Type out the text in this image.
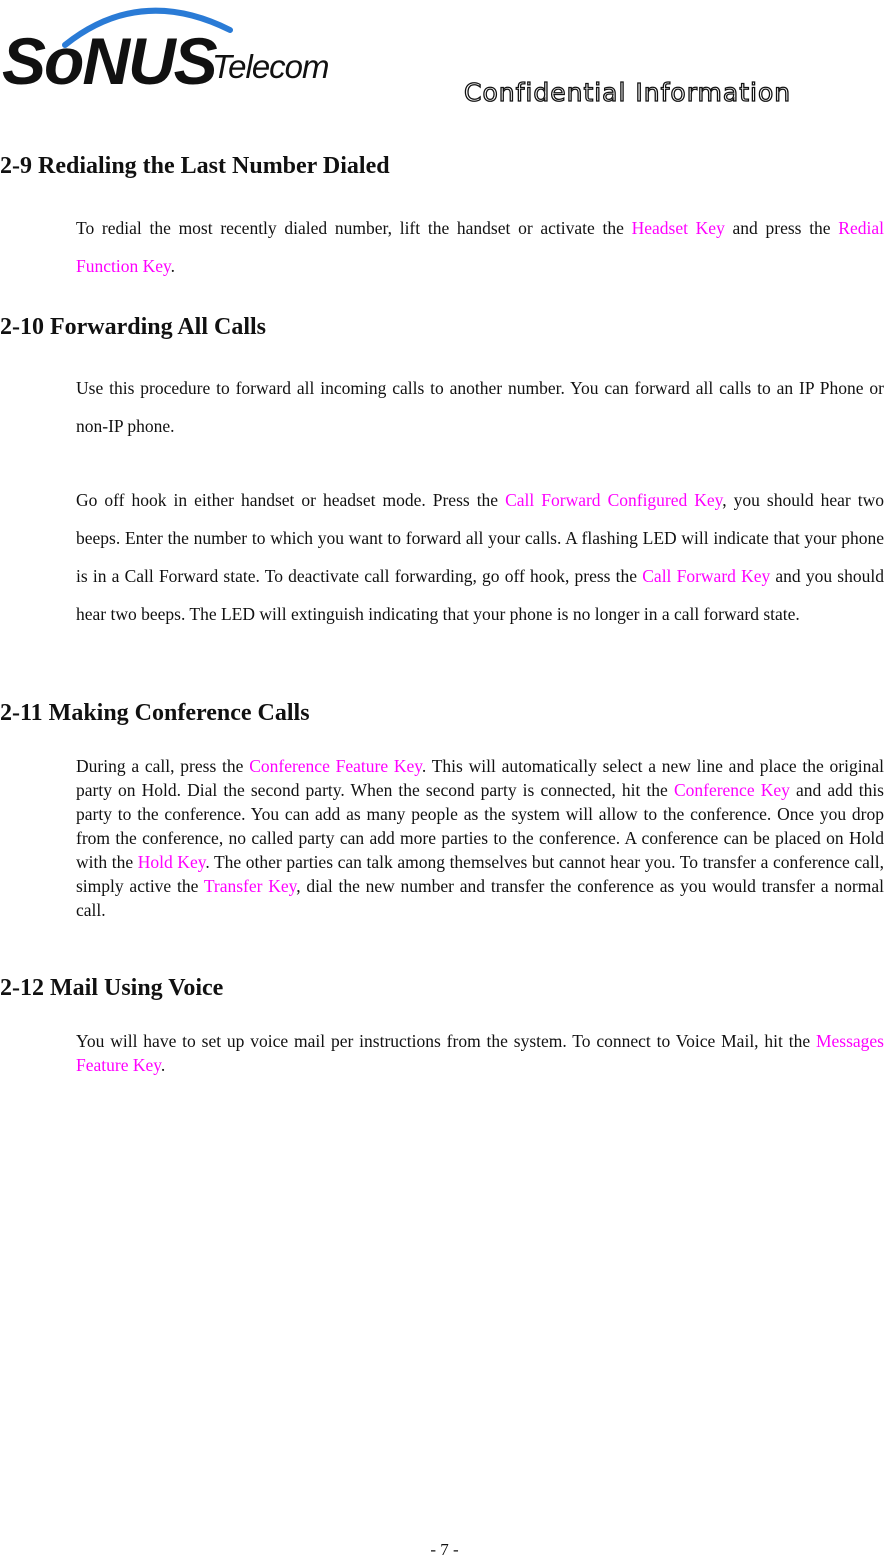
SoNUS
Telecom
Confidential Information
2-9 Redialing the Last Number Dialed

To redial the most recently dialed number, lift the handset or activate the Headset Key and press the Redial Function Key.

2-10 Forwarding All Calls

Use this procedure to forward all incoming calls to another number. You can forward all calls to an IP Phone or non-IP phone.

Go off hook in either handset or headset mode. Press the Call Forward Configured Key, you should hear two beeps. Enter the number to which you want to forward all your calls. A flashing LED will indicate that your phone is in a Call Forward state. To deactivate call forwarding, go off hook, press the Call Forward Key and you should hear two beeps. The LED will extinguish indicating that your phone is no longer in a call forward state.

2-11 Making Conference Calls

During a call, press the Conference Feature Key. This will automatically select a new line and place the original party on Hold. Dial the second party. When the second party is connected, hit the Conference Key and add this party to the conference. You can add as many people as the system will allow to the conference. Once you drop from the conference, no called party can add more parties to the conference. A conference can be placed on Hold with the Hold Key. The other parties can talk among themselves but cannot hear you. To transfer a conference call, simply active the Transfer Key, dial the new number and transfer the conference as you would transfer a normal call.

2-12 Mail Using Voice

You will have to set up voice mail per instructions from the system. To connect to Voice Mail, hit the Messages Feature Key.

- 7 -
